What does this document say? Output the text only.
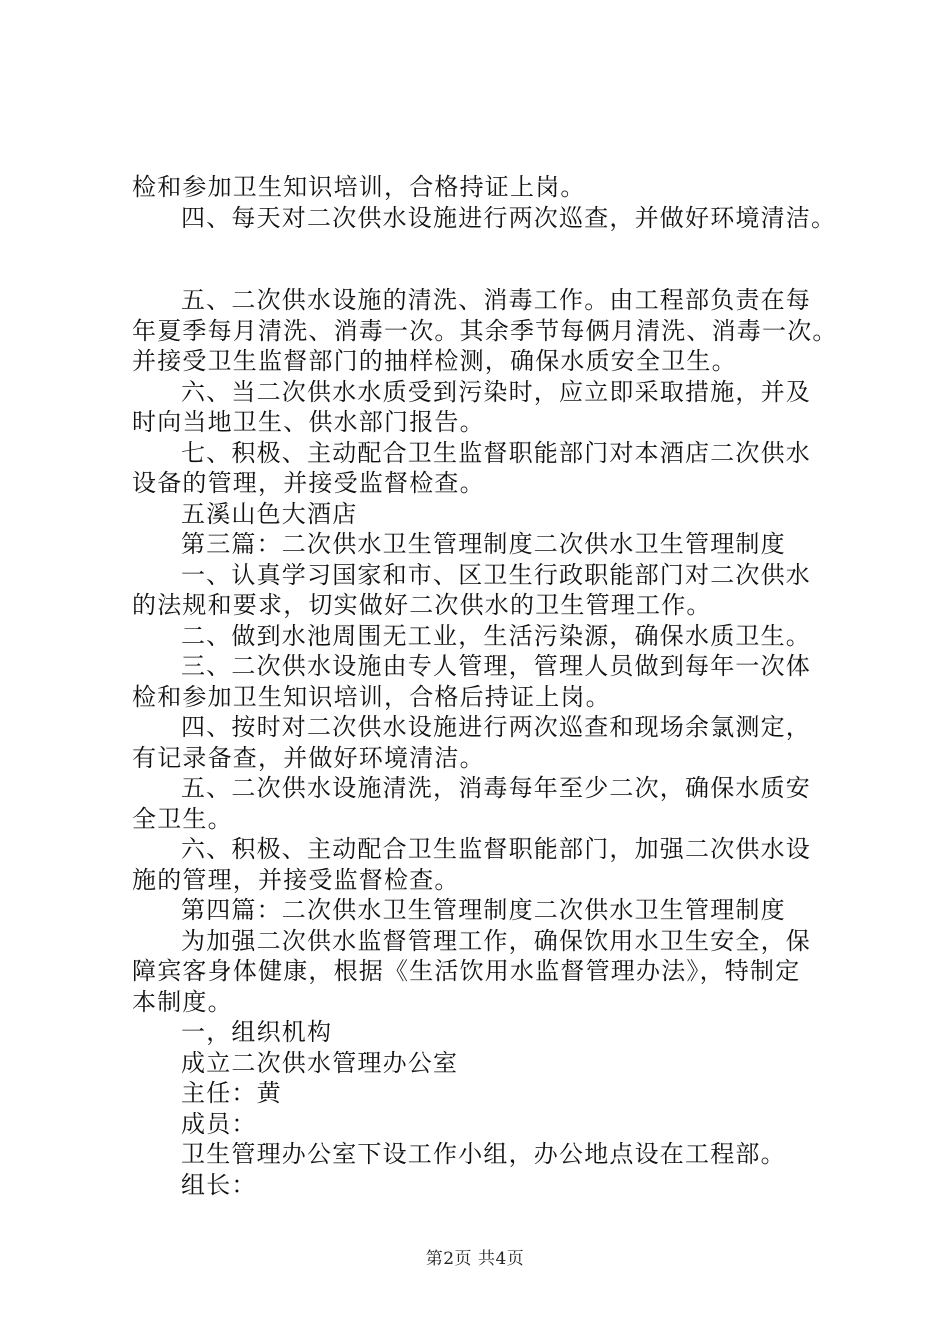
检和参加卫生知识培训，合格持证上岗。
四、每天对二次供水设施进行两次巡查，并做好环境清洁。
五、二次供水设施的清洗、消毒工作。由工程部负责在每
年夏季每月清洗、消毒一次。其余季节每俩月清洗、消毒一次。
并接受卫生监督部门的抽样检测，确保水质安全卫生。
六、当二次供水水质受到污染时，应立即采取措施，并及
时向当地卫生、供水部门报告。
七、积极、主动配合卫生监督职能部门对本酒店二次供水
设备的管理，并接受监督检查。
五溪山色大酒店
第三篇：二次供水卫生管理制度二次供水卫生管理制度
一、认真学习国家和市、区卫生行政职能部门对二次供水
的法规和要求，切实做好二次供水的卫生管理工作。
二、做到水池周围无工业，生活污染源，确保水质卫生。
三、二次供水设施由专人管理，管理人员做到每年一次体
检和参加卫生知识培训，合格后持证上岗。
四、按时对二次供水设施进行两次巡查和现场余氯测定，
有记录备查，并做好环境清洁。
五、二次供水设施清洗，消毒每年至少二次，确保水质安
全卫生。
六、积极、主动配合卫生监督职能部门，加强二次供水设
施的管理，并接受监督检查。
第四篇：二次供水卫生管理制度二次供水卫生管理制度
为加强二次供水监督管理工作，确保饮用水卫生安全，保
障宾客身体健康，根据《生活饮用水监督管理办法》，特制定
本制度。
一，组织机构
成立二次供水管理办公室
主任：黄
成员：
卫生管理办公室下设工作小组，办公地点设在工程部。
组长：
第2页 共4页
